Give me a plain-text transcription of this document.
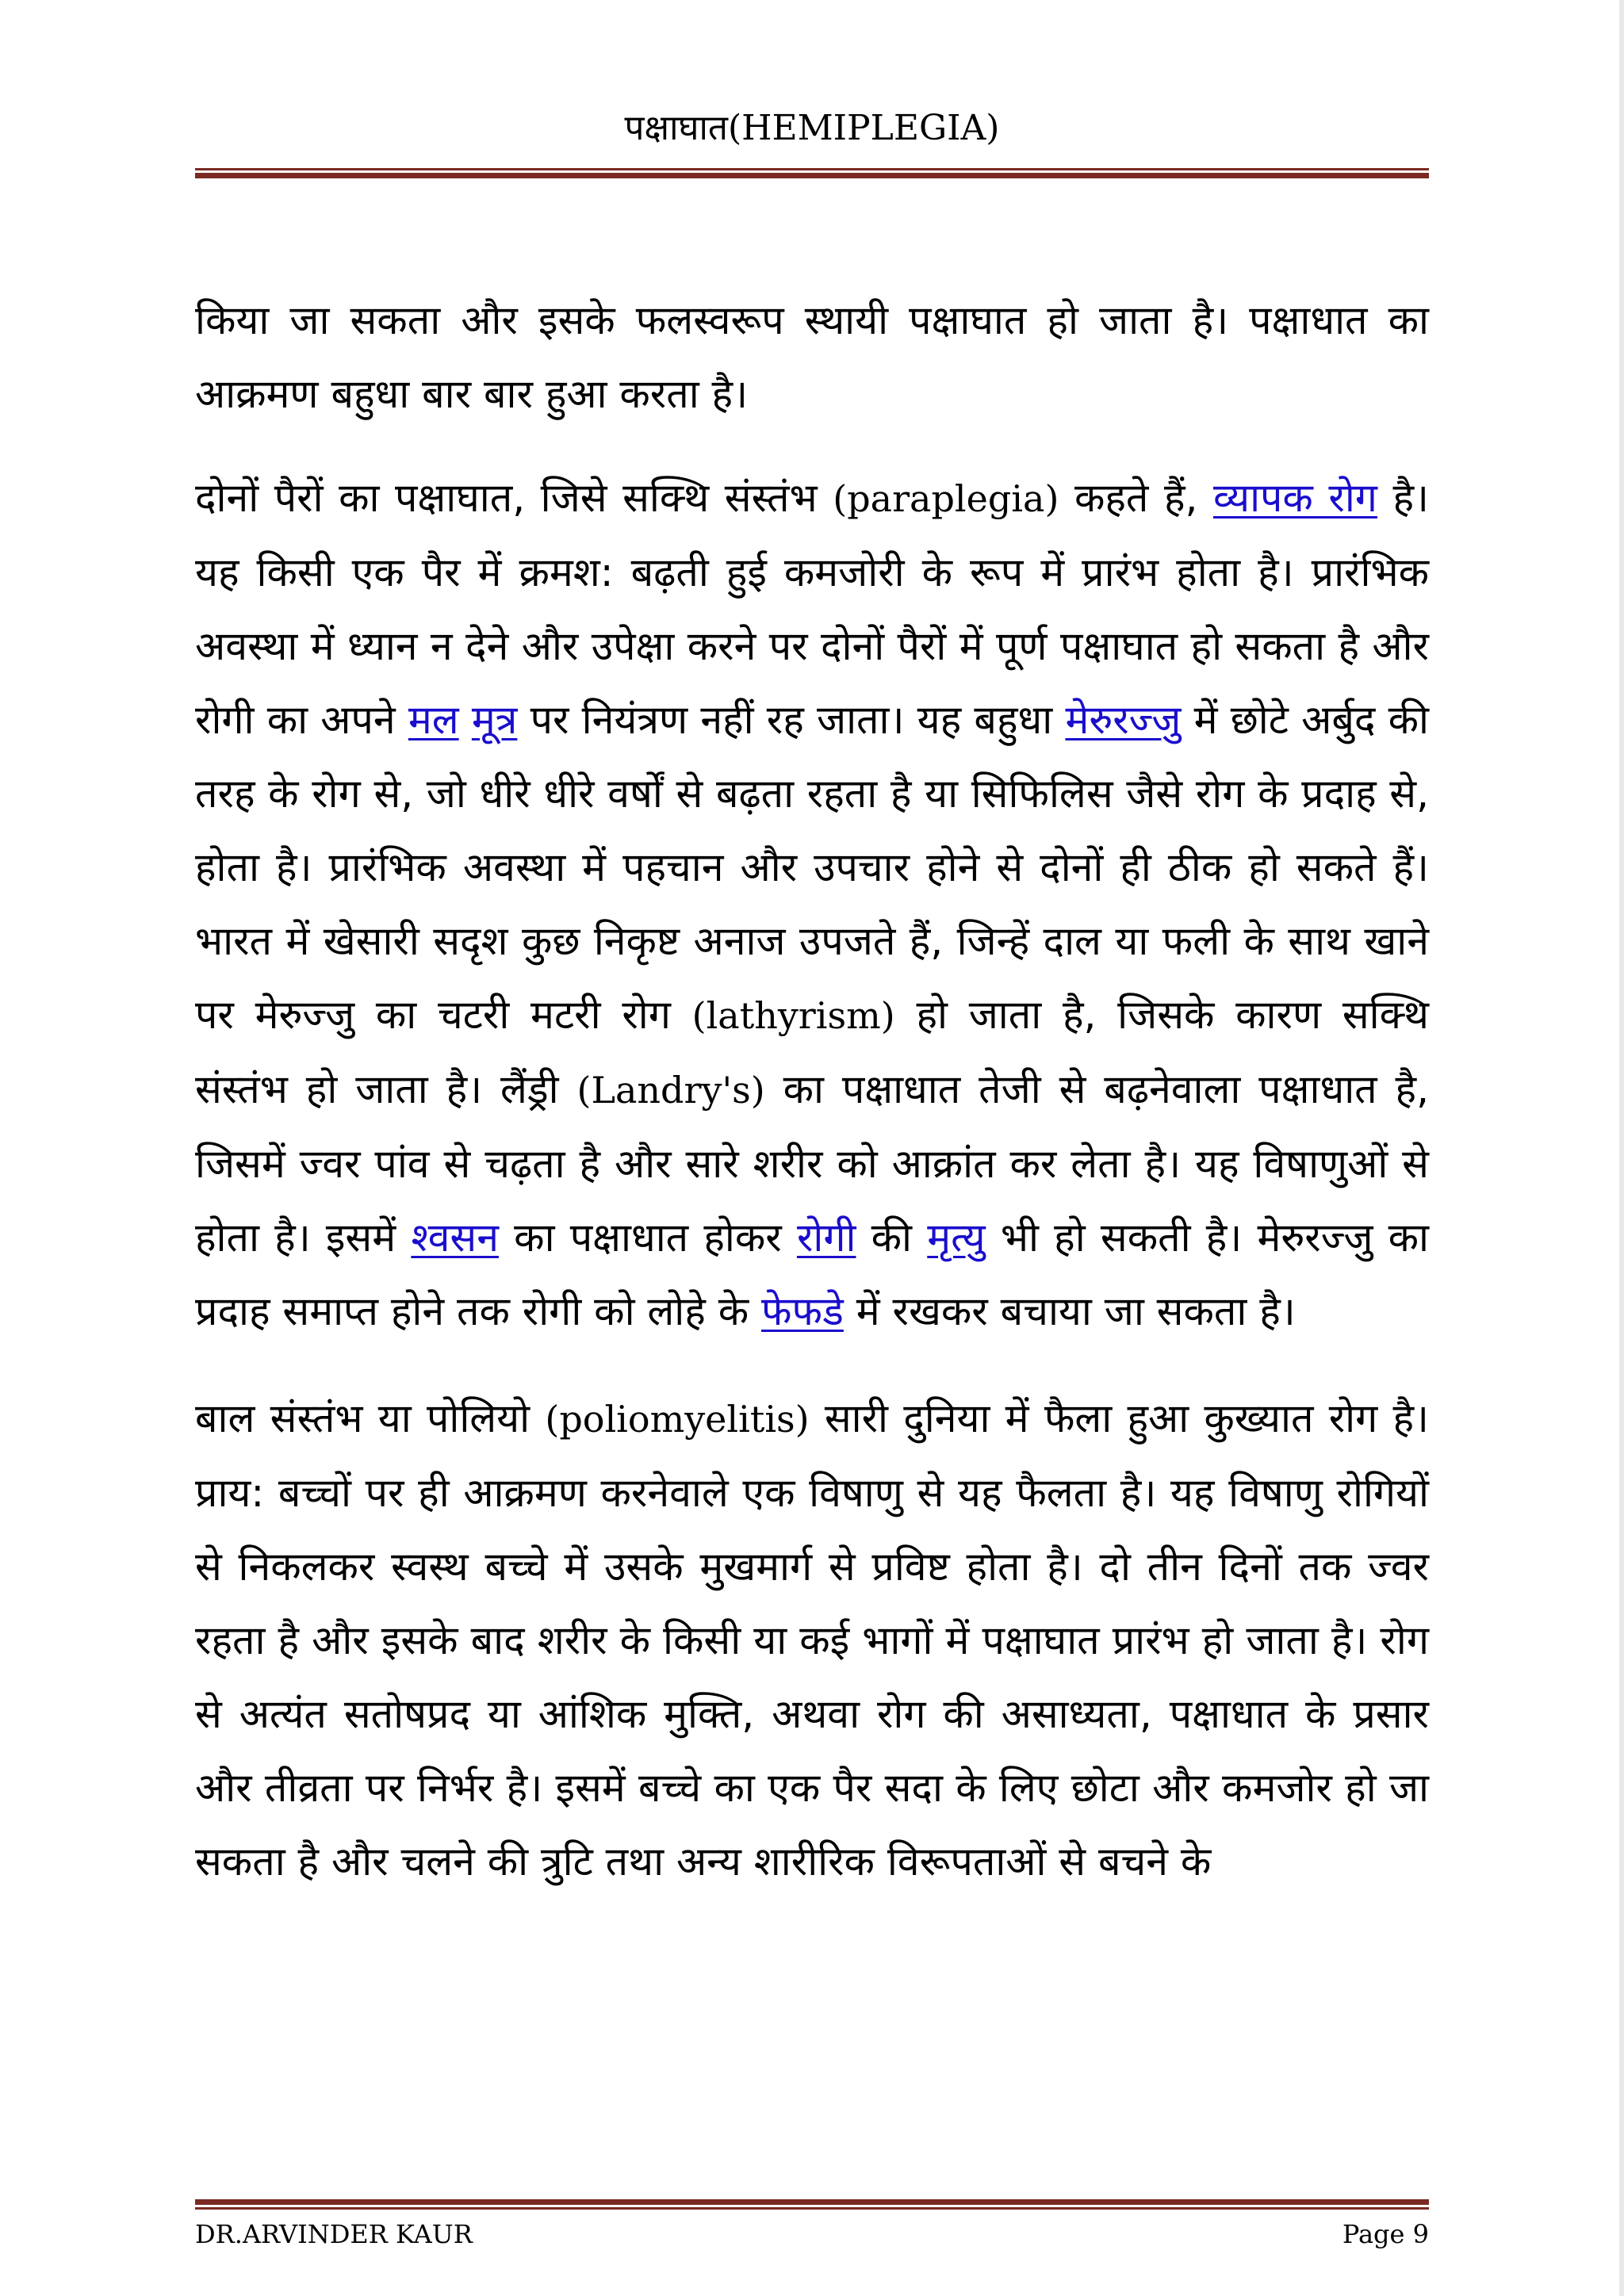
पक्षाघात(HEMIPLEGIA)

किया जा सकता और इसके फलस्वरूप स्थायी पक्षाघात हो जाता है। पक्षाधात का आक्रमण बहुधा बार बार हुआ करता है।

दोनों पैरों का पक्षाघात, जिसे सक्थि संस्तंभ (paraplegia) कहते हैं, व्यापक रोग है। यह किसी एक पैर में क्रमश: बढ़ती हुई कमजोरी के रूप में प्रारंभ होता है। प्रारंभिक अवस्था में ध्यान न देने और उपेक्षा करने पर दोनों पैरों में पूर्ण पक्षाघात हो सकता है और रोगी का अपने मल मूत्र पर नियंत्रण नहीं रह जाता। यह बहुधा मेरुरज्जु में छोटे अर्बुद की तरह के रोग से, जो धीरे धीरे वर्षों से बढ़ता रहता है या सिफिलिस जैसे रोग के प्रदाह से, होता है। प्रारंभिक अवस्था में पहचान और उपचार होने से दोनों ही ठीक हो सकते हैं। भारत में खेसारी सदृश कुछ निकृष्ट अनाज उपजते हैं, जिन्हें दाल या फली के साथ खाने पर मेरुज्जु का चटरी मटरी रोग (lathyrism) हो जाता है, जिसके कारण सक्थि संस्तंभ हो जाता है। लैंड्री (Landry's) का पक्षाधात तेजी से बढ़नेवाला पक्षाधात है, जिसमें ज्वर पांव से चढ़ता है और सारे शरीर को आक्रांत कर लेता है। यह विषाणुओं से होता है। इसमें श्वसन का पक्षाधात होकर रोगी की मृत्यु भी हो सकती है। मेरुरज्जु का प्रदाह समाप्त होने तक रोगी को लोहे के फेफडे में रखकर बचाया जा सकता है।

बाल संस्तंभ या पोलियो (poliomyelitis) सारी दुनिया में फैला हुआ कुख्यात रोग है। प्राय: बच्चों पर ही आक्रमण करनेवाले एक विषाणु से यह फैलता है। यह विषाणु रोगियों से निकलकर स्वस्थ बच्चे में उसके मुखमार्ग से प्रविष्ट होता है। दो तीन दिनों तक ज्वर रहता है और इसके बाद शरीर के किसी या कई भागों में पक्षाघात प्रारंभ हो जाता है। रोग से अत्यंत सतोषप्रद या आंशिक मुक्ति, अथवा रोग की असाध्यता, पक्षाधात के प्रसार और तीव्रता पर निर्भर है। इसमें बच्चे का एक पैर सदा के लिए छोटा और कमजोर हो जा सकता है और चलने की त्रुटि तथा अन्य शारीरिक विरूपताओं से बचने के

DR.ARVINDER KAUR	Page 9
